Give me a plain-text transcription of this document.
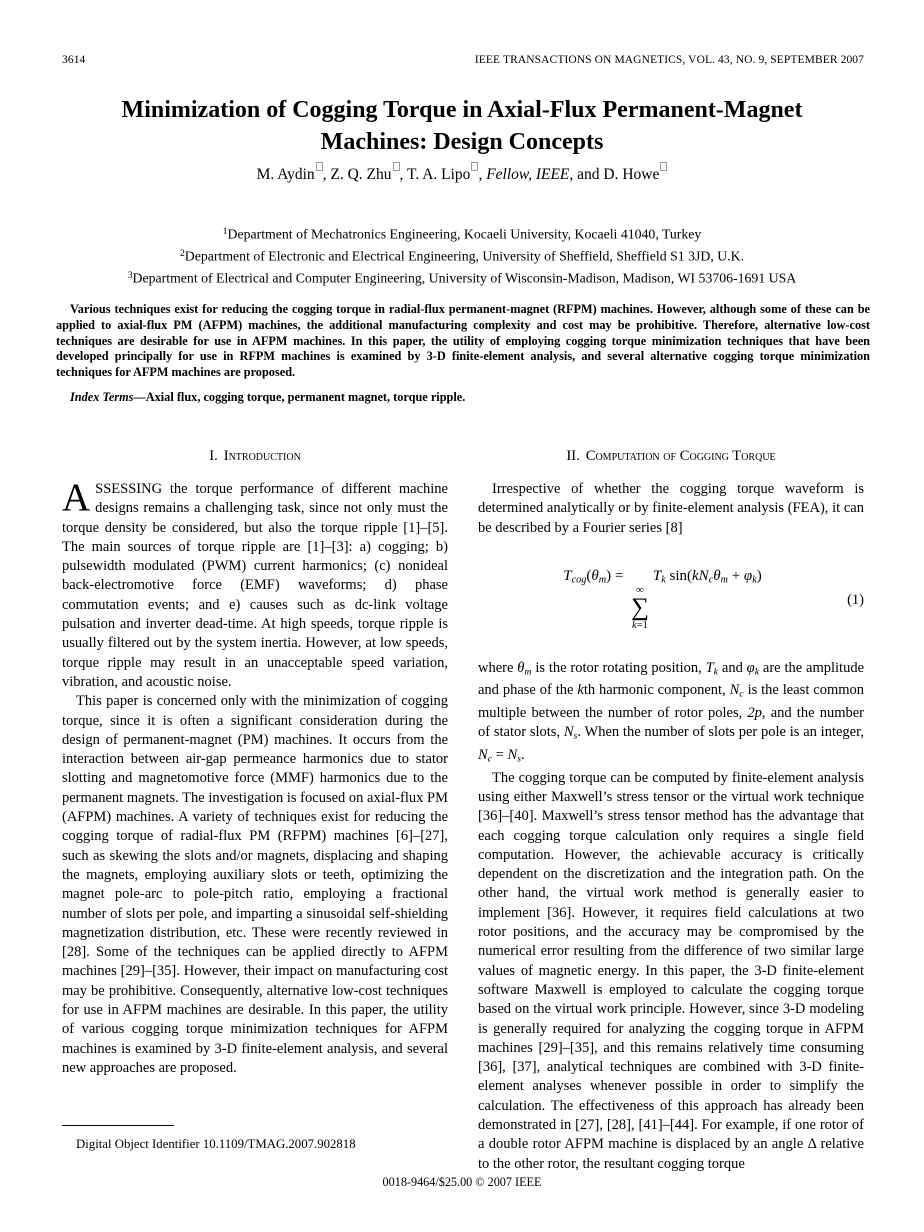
3614	IEEE TRANSACTIONS ON MAGNETICS, VOL. 43, NO. 9, SEPTEMBER 2007
Minimization of Cogging Torque in Axial-Flux Permanent-Magnet
Machines: Design Concepts
M. Aydin , Z. Q. Zhu , T. A. Lipo , Fellow, IEEE, and D. Howe
$^1$Department of Mechatronics Engineering, Kocaeli University, Kocaeli 41040, Turkey
$^2$Department of Electronic and Electrical Engineering, University of Sheffield, Sheffield S1 3JD, U.K.
$^3$Department of Electrical and Computer Engineering, University of Wisconsin-Madison, Madison, WI 53706-1691 USA
Various techniques exist for reducing the cogging torque in radial-flux permanent-magnet (RFPM) machines. However, although some of these can be applied to axial-flux PM (AFPM) machines, the additional manufacturing complexity and cost may be prohibitive. Therefore, alternative low-cost techniques are desirable for use in AFPM machines. In this paper, the utility of employing cogging torque minimization techniques that have been developed principally for use in RFPM machines is examined by 3-D finite-element analysis, and several alternative cogging torque minimization techniques for AFPM machines are proposed.
Index Terms—Axial flux, cogging torque, permanent magnet, torque ripple.
I. Introduction

ASSESSING the torque performance of different machine designs remains a challenging task, since not only must the torque density be considered, but also the torque ripple [1]–[5]. The main sources of torque ripple are [1]–[3]: a) cogging; b) pulsewidth modulated (PWM) current harmonics; (c) nonideal back-electromotive force (EMF) waveforms; d) phase commutation events; and e) causes such as dc-link voltage pulsation and inverter dead-time. At high speeds, torque ripple is usually filtered out by the system inertia. However, at low speeds, torque ripple may result in an unacceptable speed variation, vibration, and acoustic noise.

This paper is concerned only with the minimization of cogging torque, since it is often a significant consideration during the design of permanent-magnet (PM) machines. It occurs from the interaction between air-gap permeance harmonics due to stator slotting and magnetomotive force (MMF) harmonics due to the permanent magnets. The investigation is focused on axial-flux PM (AFPM) machines. A variety of techniques exist for reducing the cogging torque of radial-flux PM (RFPM) machines [6]–[27], such as skewing the slots and/or magnets, displacing and shaping the magnets, employing auxiliary slots or teeth, optimizing the magnet pole-arc to pole-pitch ratio, employing a fractional number of slots per pole, and imparting a sinusoidal self-shielding magnetization distribution, etc. These were recently reviewed in [28]. Some of the techniques can be applied directly to AFPM machines [29]–[35]. However, their impact on manufacturing cost may be prohibitive. Consequently, alternative low-cost techniques for use in AFPM machines are desirable. In this paper, the utility of various cogging torque minimization techniques for AFPM machines is examined by 3-D finite-element analysis, and several new approaches are proposed.

II. Computation of Cogging Torque

Irrespective of whether the cogging torque waveform is determined analytically or by finite-element analysis (FEA), it can be described by a Fourier series [8]

$T_{cog}(\theta_m)$ =
∞
∑
k=1
$T_k$ $\sin(kN_c\theta_m + \varphi_k)$
(1)

where $\theta_m$ is the rotor rotating position, $T_k$ and $\varphi_k$ are the amplitude and phase of the kth harmonic component, $N_c$ is the least common multiple between the number of rotor poles, 2p, and the number of stator slots, $N_s$. When the number of slots per pole is an integer, $N_c = N_s$.

The cogging torque can be computed by finite-element analysis using either Maxwell’s stress tensor or the virtual work technique [36]–[40]. Maxwell’s stress tensor method has the advantage that each cogging torque calculation only requires a single field computation. However, the achievable accuracy is critically dependent on the discretization and the integration path. On the other hand, the virtual work method is generally easier to implement [36]. However, it requires field calculations at two rotor positions, and the accuracy may be compromised by the numerical error resulting from the difference of two similar large values of magnetic energy. In this paper, the 3-D finite-element software Maxwell is employed to calculate the cogging torque based on the virtual work principle. However, since 3-D modeling is generally required for analyzing the cogging torque in AFPM machines [29]–[35], and this remains relatively time consuming [36], [37], analytical techniques are combined with 3-D finite-element analyses whenever possible in order to simplify the calculation. The effectiveness of this approach has already been demonstrated in [27], [28], [41]–[44]. For example, if one rotor of a double rotor AFPM machine is displaced by an angle Δ relative to the other rotor, the resultant cogging torque

Digital Object Identifier 10.1109/TMAG.2007.902818
0018-9464/$25.00 © 2007 IEEE
